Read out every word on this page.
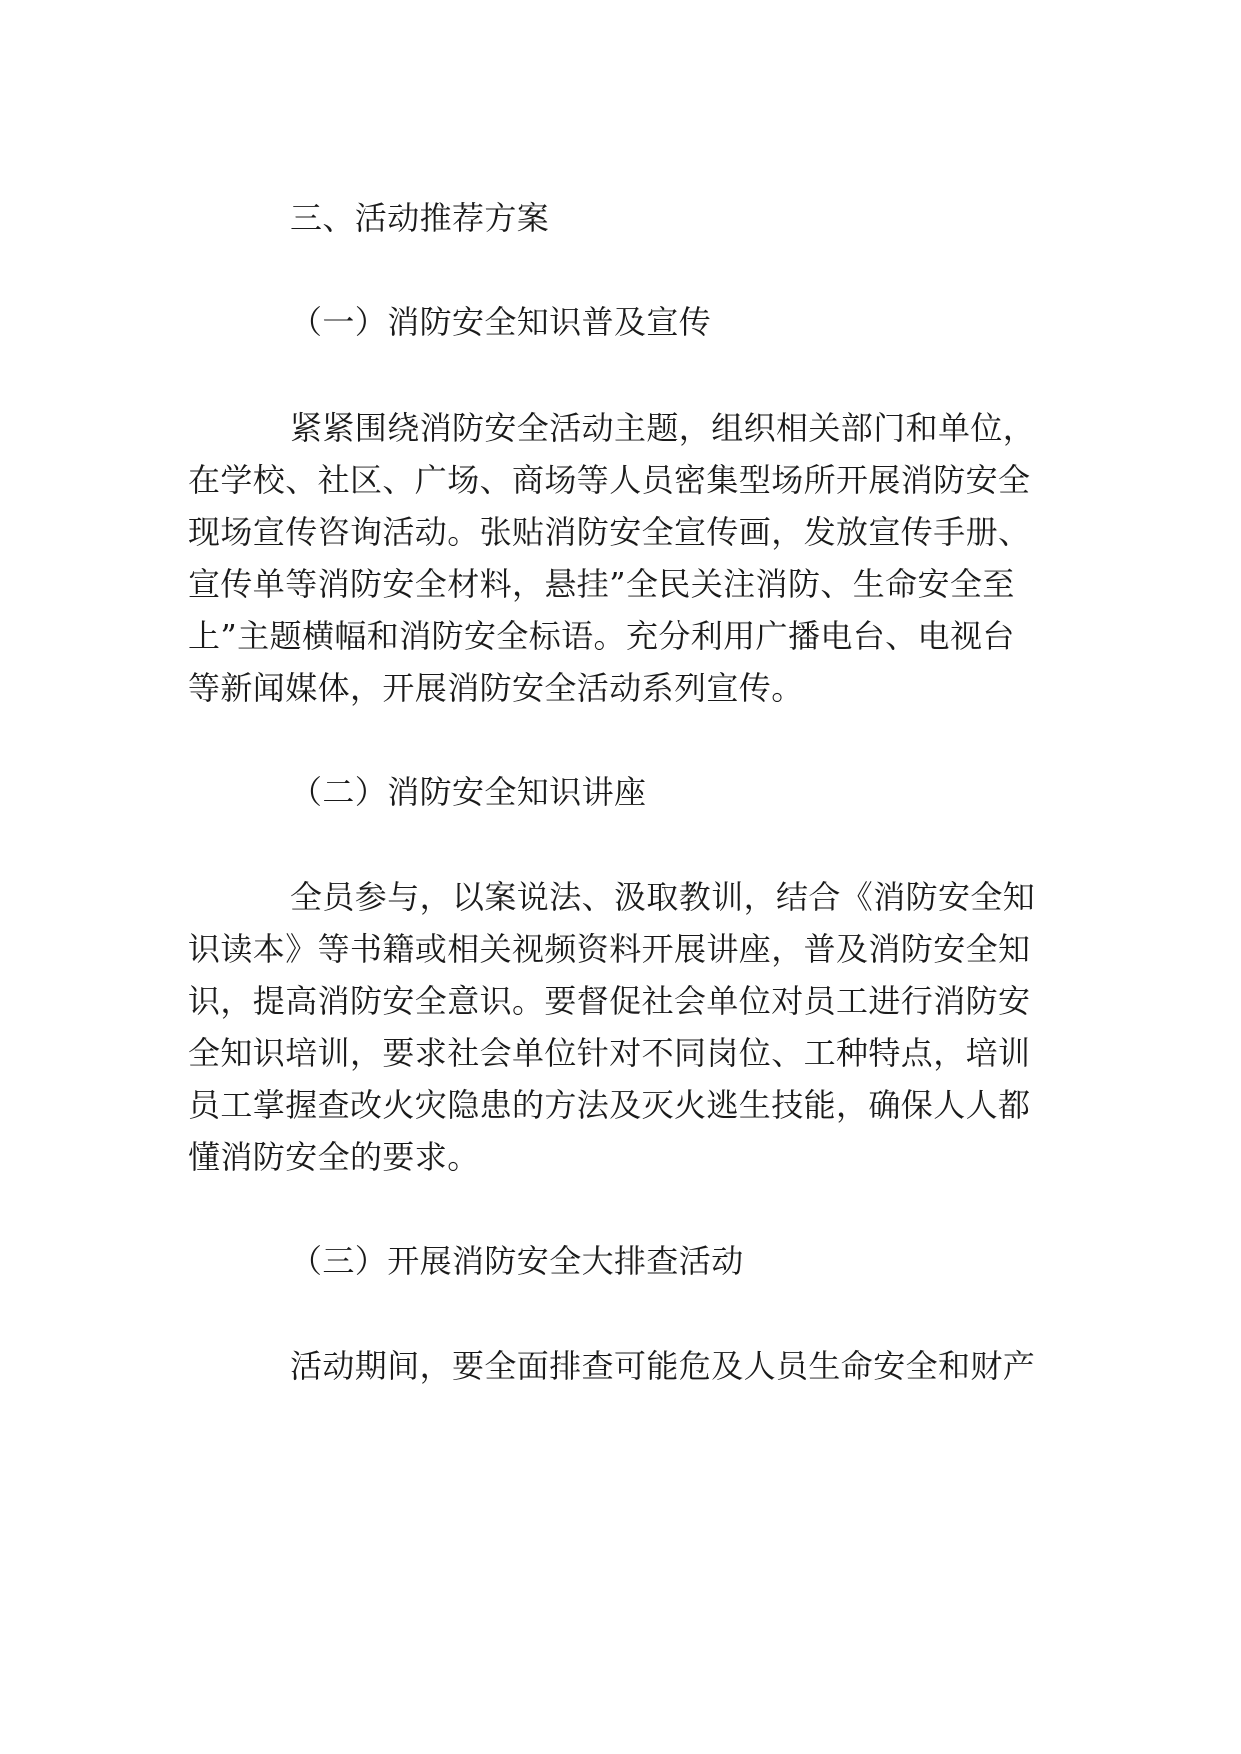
三、活动推荐方案
（一）消防安全知识普及宣传
紧紧围绕消防安全活动主题，组织相关部门和单位，
在学校、社区、广场、商场等人员密集型场所开展消防安全
现场宣传咨询活动。张贴消防安全宣传画，发放宣传手册、
宣传单等消防安全材料，悬挂”全民关注消防、生命安全至
上”主题横幅和消防安全标语。充分利用广播电台、电视台
等新闻媒体，开展消防安全活动系列宣传。
（二）消防安全知识讲座
全员参与，以案说法、汲取教训，结合《消防安全知
识读本》等书籍或相关视频资料开展讲座，普及消防安全知
识，提高消防安全意识。要督促社会单位对员工进行消防安
全知识培训，要求社会单位针对不同岗位、工种特点，培训
员工掌握查改火灾隐患的方法及灭火逃生技能，确保人人都
懂消防安全的要求。
（三）开展消防安全大排查活动
活动期间，要全面排查可能危及人员生命安全和财产
